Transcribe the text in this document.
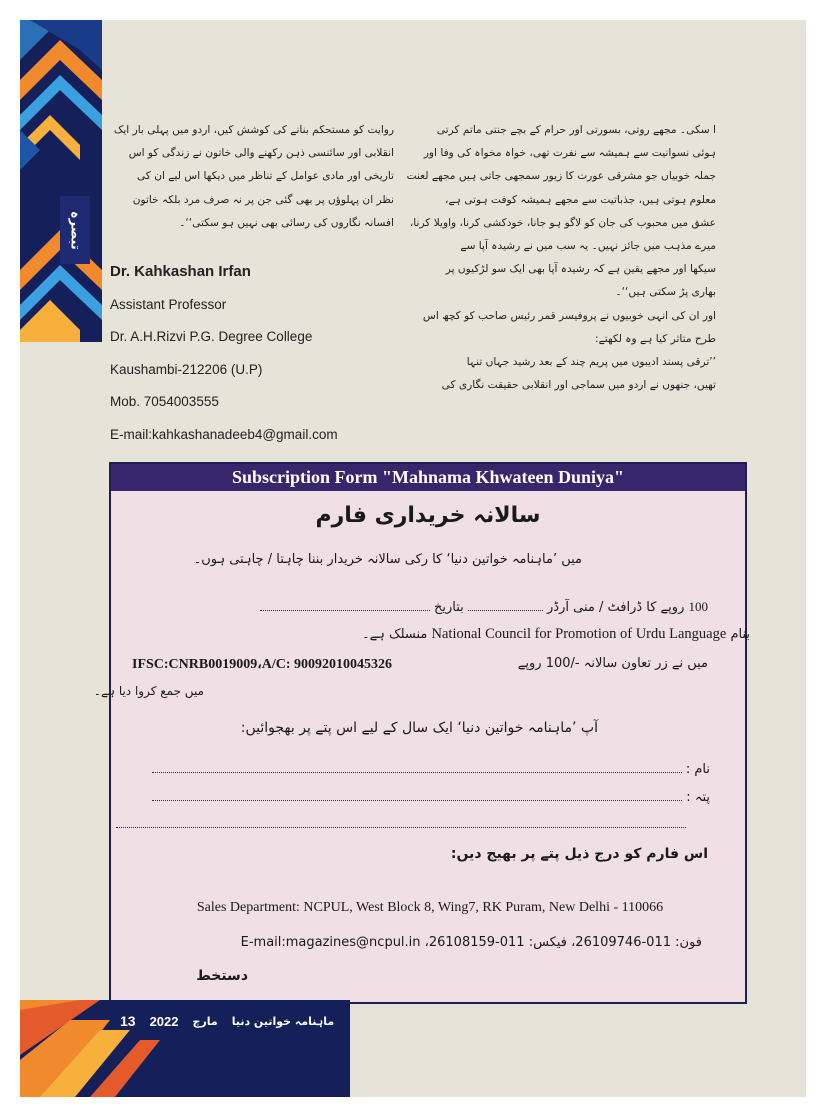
تبصرہ
ا سکی۔ مجھے روتی، بسورتی اور حرام کے بچے جنتی ماتم کرتی
ہوئی نسوانیت سے ہمیشہ سے نفرت تھی، خواہ مخواہ کی وفا اور
جملہ خوبیاں جو مشرقی عورت کا زیور سمجھی جاتی ہیں مجھے لعنت
معلوم ہوتی ہیں، جذباتیت سے مجھے ہمیشہ کوفت ہوتی ہے،
عشق میں محبوب کی جان کو لاگو ہو جانا، خودکشی کرنا، واویلا کرنا،
میرے مذہب میں جائز نہیں۔ یہ سب میں نے رشیدہ آپا سے
سیکھا اور مجھے یقین ہے کہ رشیدہ آپا بھی ایک سو لڑکیوں پر
بھاری پڑ سکتی ہیں‘‘۔
اور ان کی انہی خوبیوں نے پروفیسر قمر رئیس صاحب کو کچھ اس
طرح متاثر کیا ہے وہ لکھتے:
’’ترقی پسند ادیبوں میں پریم چند کے بعد رشید جہاں تنہا
تھیں، جنھوں نے اردو میں سماجی اور انقلابی حقیقت نگاری کی
روایت کو مستحکم بنانے کی کوشش کیں، اردو میں پہلی بار ایک
انقلابی اور سائنسی ذہن رکھنے والی خاتون نے زندگی کو اس
تاریخی اور مادی عوامل کے تناظر میں دیکھا اس لیے ان کی
نظر ان پہلوؤں پر بھی گئی جن پر نہ صرف مرد بلکہ خاتون
افسانہ نگاروں کی رسائی بھی نہیں ہو سکتی‘‘۔
Dr. Kahkashan Irfan
Assistant Professor
Dr. A.H.Rizvi P.G. Degree College
Kaushambi-212206 (U.P)
Mob. 7054003555
E-mail:kahkashanadeeb4@gmail.com
Subscription Form "Mahnama Khwateen Duniya"
سالانہ خریداری فارم
میں ’ماہنامہ خواتین دنیا‘ کا رکی سالانہ خریدار بننا چاہتا / چاہتی ہوں۔
100 روپے کا ڈرافٹ / منی آرڈر  بتاریخ
بنام National Council for Promotion of Urdu Language منسلک ہے۔
میں نے زر تعاون سالانہ -/100 روپے
IFSC:CNRB0019009،A/C: 90092010045326
میں جمع کروا دیا ہے۔
آپ ’ماہنامہ خواتین دنیا‘ ایک سال کے لیے اس پتے پر بھجوائیں:
نام :
پتہ :
اس فارم کو درج ذیل پتے پر بھیج دیں:
Sales Department: NCPUL, West Block 8, Wing7, RK Puram, New Delhi - 110066
فون: 011-26109746، فیکس: 011-26108159، E-mail:magazines@ncpul.in
دستخط
13 2022 مارچ ماہنامہ خواتین دنیا
